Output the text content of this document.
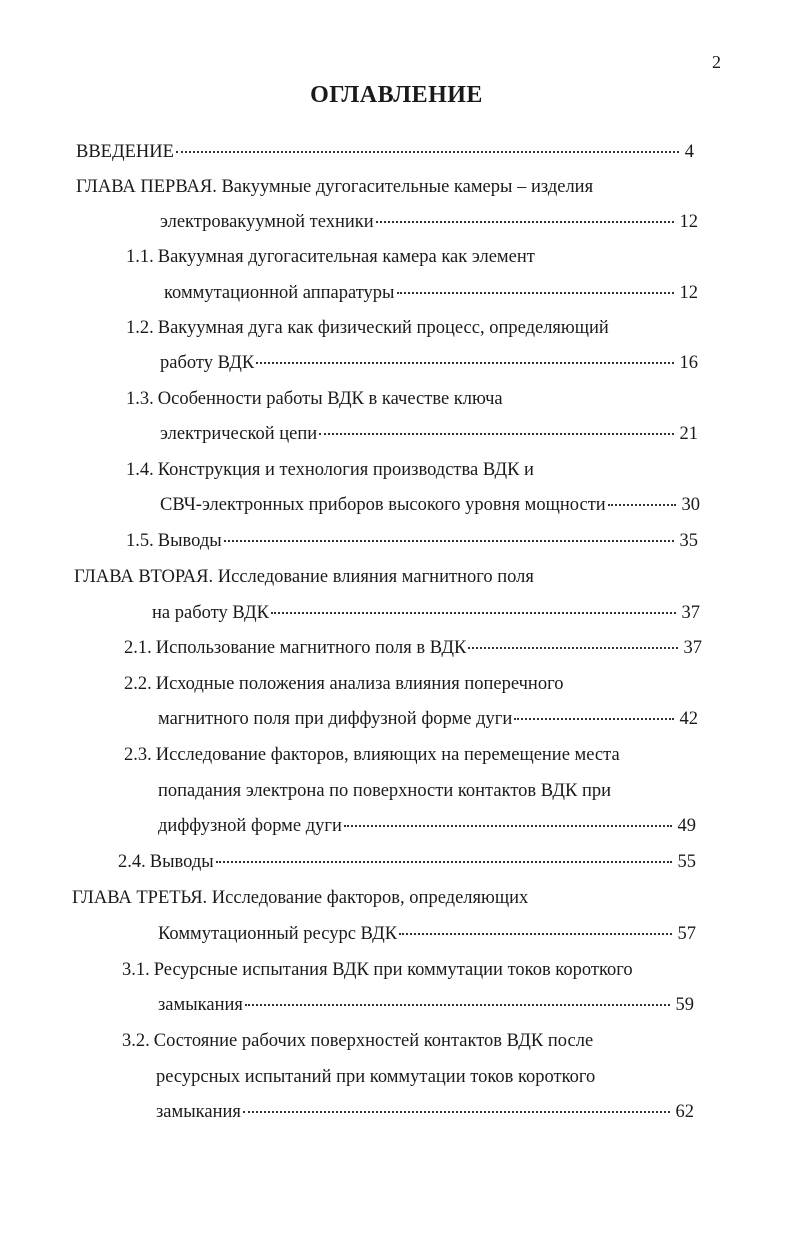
2
ОГЛАВЛЕНИЕ
ВВЕДЕНИЕ	4
ГЛАВА ПЕРВАЯ. Вакуумные дугогасительные камеры – изделия
электровакуумной техники	12
1.1. Вакуумная дугогасительная камера как элемент
коммутационной аппаратуры	12
1.2. Вакуумная дуга как физический процесс, определяющий
работу ВДК	16
1.3. Особенности работы ВДК в качестве ключа
электрической цепи	21
1.4. Конструкция и технология производства ВДК и
СВЧ-электронных приборов высокого уровня мощности	30
1.5. Выводы	35
ГЛАВА ВТОРАЯ. Исследование влияния магнитного поля
на работу ВДК	37
2.1. Использование магнитного поля в ВДК	37
2.2. Исходные положения анализа влияния поперечного
магнитного поля при диффузной форме дуги	42
2.3. Исследование факторов, влияющих на перемещение места
попадания электрона по поверхности контактов ВДК при
диффузной форме дуги	49
2.4. Выводы	55
ГЛАВА ТРЕТЬЯ. Исследование факторов, определяющих
Коммутационный ресурс ВДК	57
3.1. Ресурсные испытания ВДК при коммутации токов короткого
замыкания	59
3.2. Состояние рабочих поверхностей контактов ВДК после
ресурсных испытаний при коммутации токов короткого
замыкания	62
